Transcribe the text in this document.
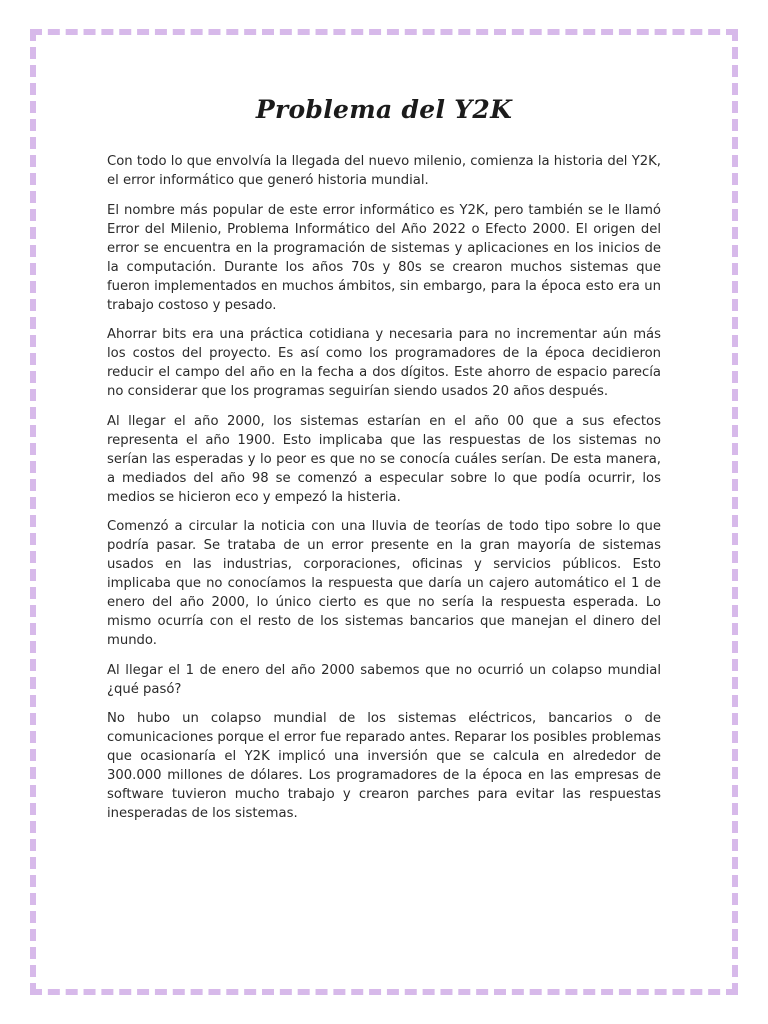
Problema del Y2K

Con todo lo que envolvía la llegada del nuevo milenio, comienza la historia del Y2K, el error informático que generó historia mundial.

El nombre más popular de este error informático es Y2K, pero también se le llamó Error del Milenio, Problema Informático del Año 2022 o Efecto 2000. El origen del error se encuentra en la programación de sistemas y aplicaciones en los inicios de la computación. Durante los años 70s y 80s se crearon muchos sistemas que fueron implementados en muchos ámbitos, sin embargo, para la época esto era un trabajo costoso y pesado.

Ahorrar bits era una práctica cotidiana y necesaria para no incrementar aún más los costos del proyecto. Es así como los programadores de la época decidieron reducir el campo del año en la fecha a dos dígitos. Este ahorro de espacio parecía no considerar que los programas seguirían siendo usados 20 años después.

Al llegar el año 2000, los sistemas estarían en el año 00 que a sus efectos representa el año 1900. Esto implicaba que las respuestas de los sistemas no serían las esperadas y lo peor es que no se conocía cuáles serían. De esta manera, a mediados del año 98 se comenzó a especular sobre lo que podía ocurrir, los medios se hicieron eco y empezó la histeria.

Comenzó a circular la noticia con una lluvia de teorías de todo tipo sobre lo que podría pasar. Se trataba de un error presente en la gran mayoría de sistemas usados en las industrias, corporaciones, oficinas y servicios públicos. Esto implicaba que no conocíamos la respuesta que daría un cajero automático el 1 de enero del año 2000, lo único cierto es que no sería la respuesta esperada. Lo mismo ocurría con el resto de los sistemas bancarios que manejan el dinero del mundo.

Al llegar el 1 de enero del año 2000 sabemos que no ocurrió un colapso mundial ¿qué pasó?

No hubo un colapso mundial de los sistemas eléctricos, bancarios o de comunicaciones porque el error fue reparado antes. Reparar los posibles problemas que ocasionaría el Y2K implicó una inversión que se calcula en alrededor de 300.000 millones de dólares. Los programadores de la época en las empresas de software tuvieron mucho trabajo y crearon parches para evitar las respuestas inesperadas de los sistemas.
